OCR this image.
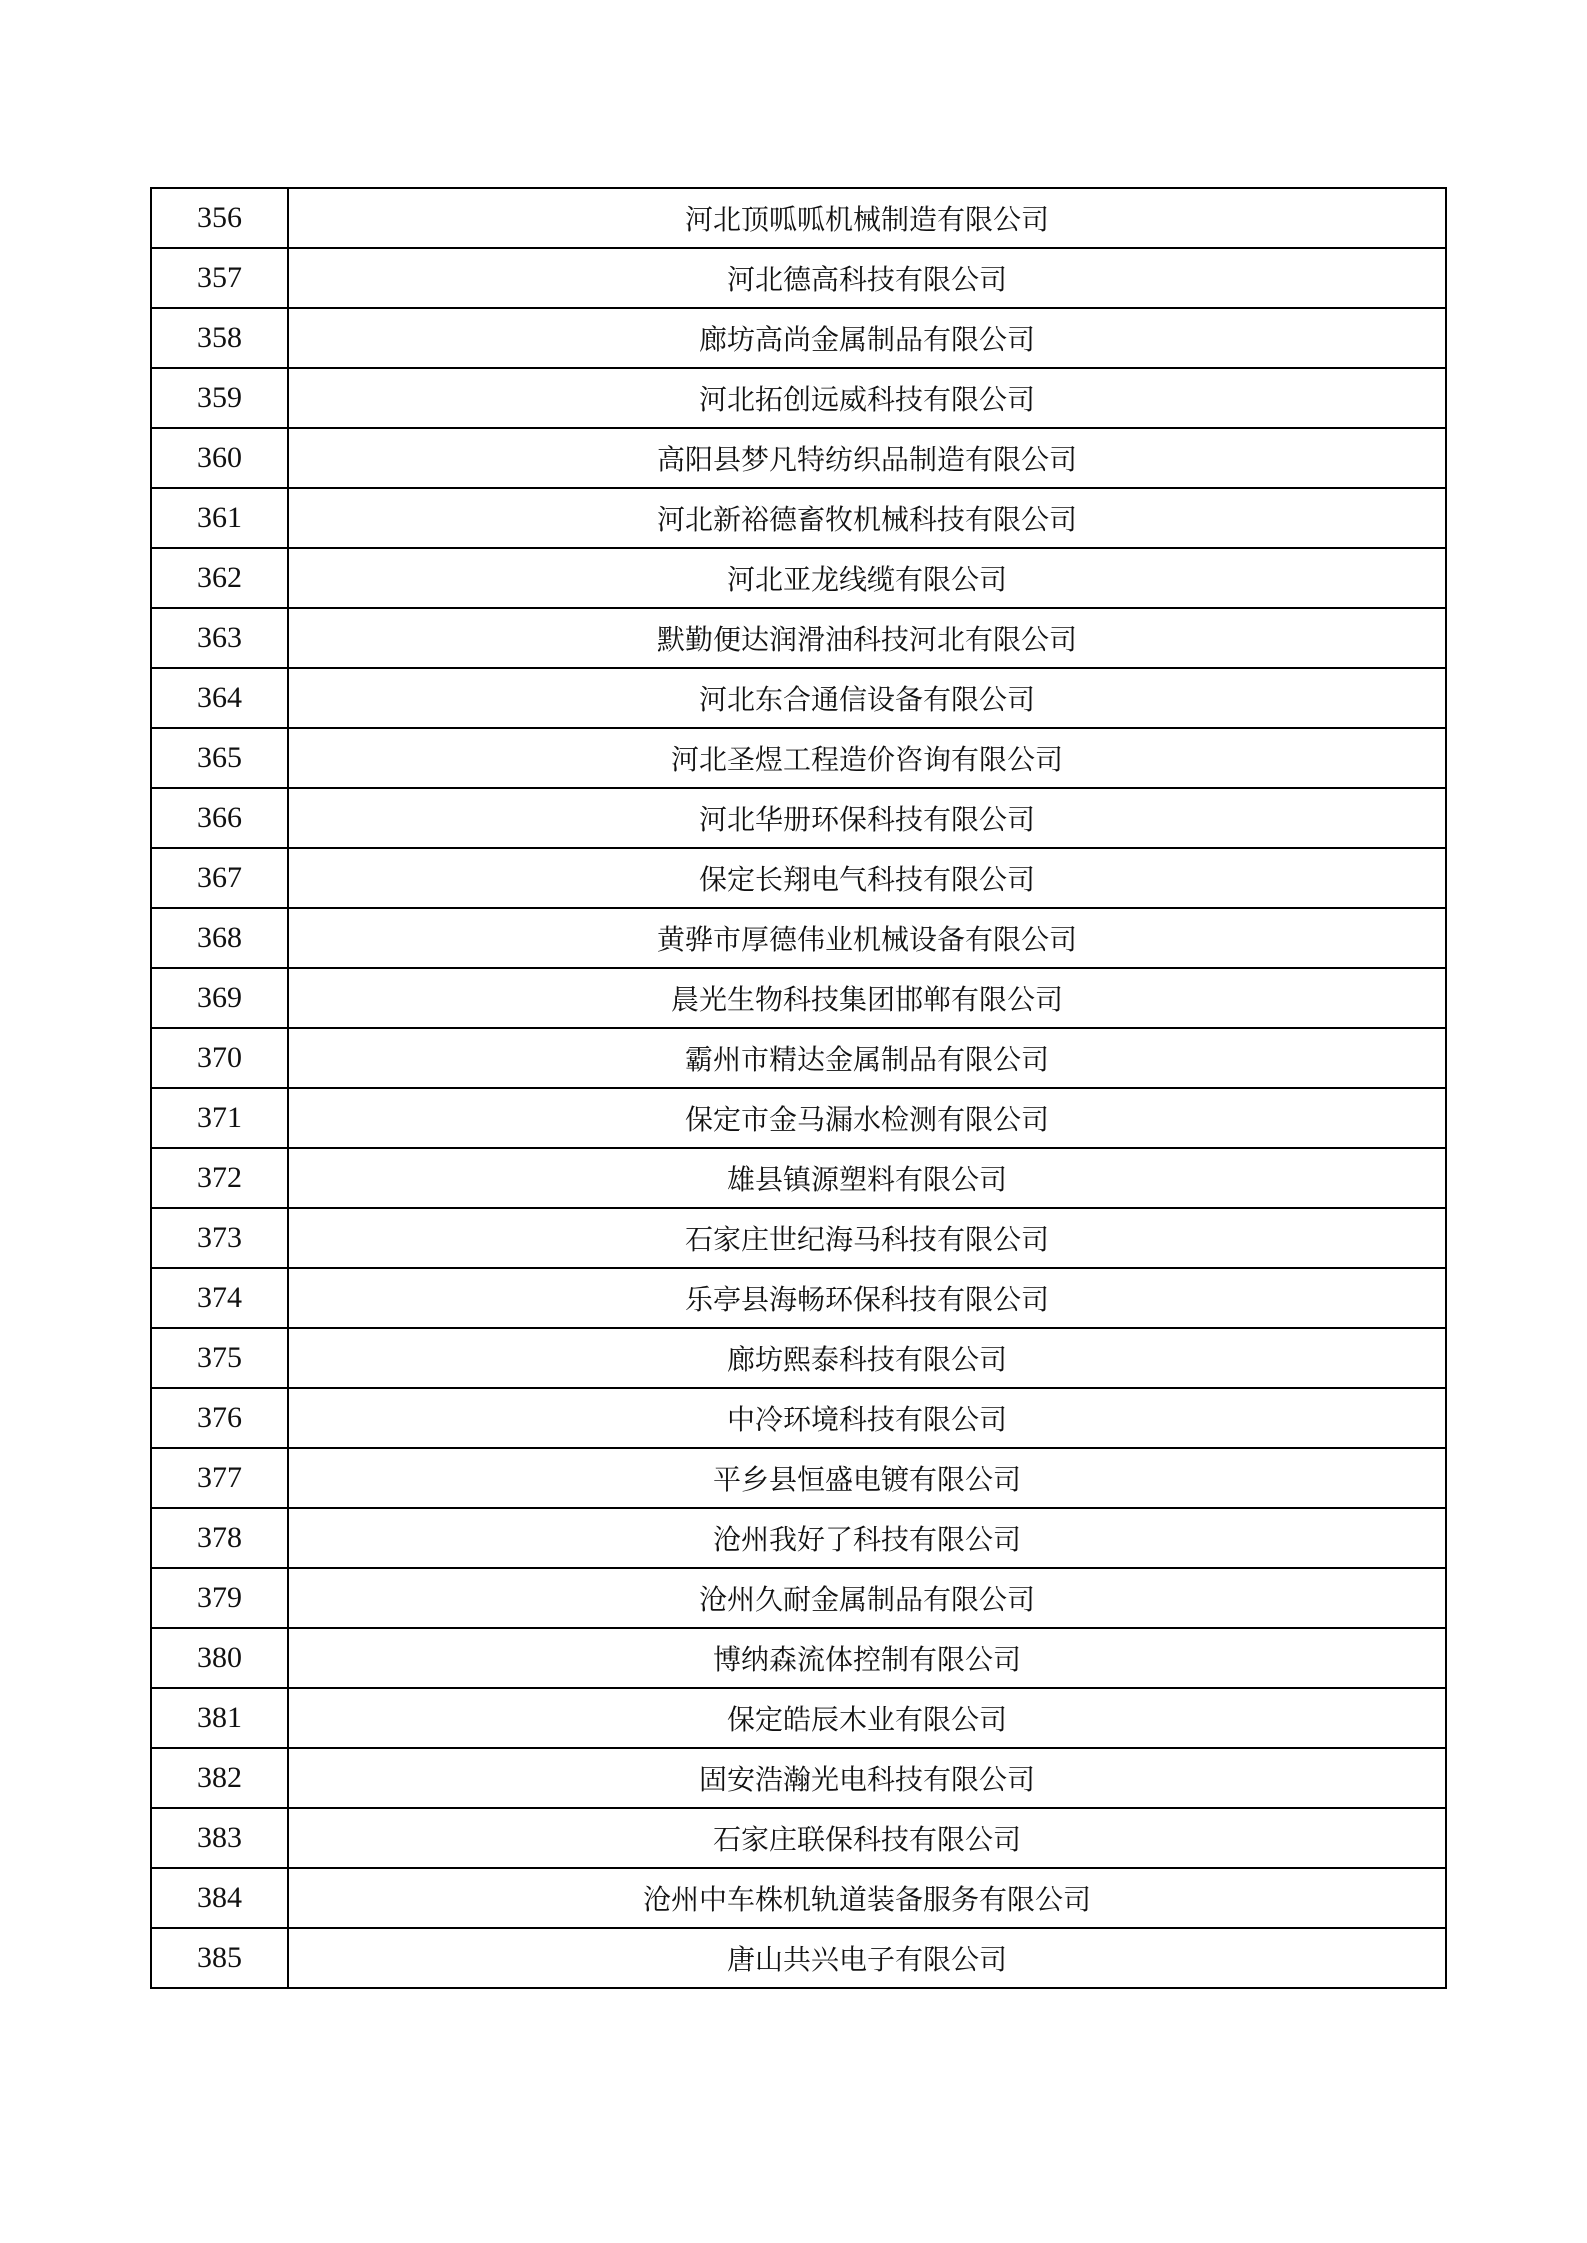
356	河北顶呱呱机械制造有限公司
357	河北德高科技有限公司
358	廊坊高尚金属制品有限公司
359	河北拓创远威科技有限公司
360	高阳县梦凡特纺织品制造有限公司
361	河北新裕德畜牧机械科技有限公司
362	河北亚龙线缆有限公司
363	默勤便达润滑油科技河北有限公司
364	河北东合通信设备有限公司
365	河北圣煜工程造价咨询有限公司
366	河北华册环保科技有限公司
367	保定长翔电气科技有限公司
368	黄骅市厚德伟业机械设备有限公司
369	晨光生物科技集团邯郸有限公司
370	霸州市精达金属制品有限公司
371	保定市金马漏水检测有限公司
372	雄县镇源塑料有限公司
373	石家庄世纪海马科技有限公司
374	乐亭县海畅环保科技有限公司
375	廊坊熙泰科技有限公司
376	中冷环境科技有限公司
377	平乡县恒盛电镀有限公司
378	沧州我好了科技有限公司
379	沧州久耐金属制品有限公司
380	博纳森流体控制有限公司
381	保定皓辰木业有限公司
382	固安浩瀚光电科技有限公司
383	石家庄联保科技有限公司
384	沧州中车株机轨道装备服务有限公司
385	唐山共兴电子有限公司
